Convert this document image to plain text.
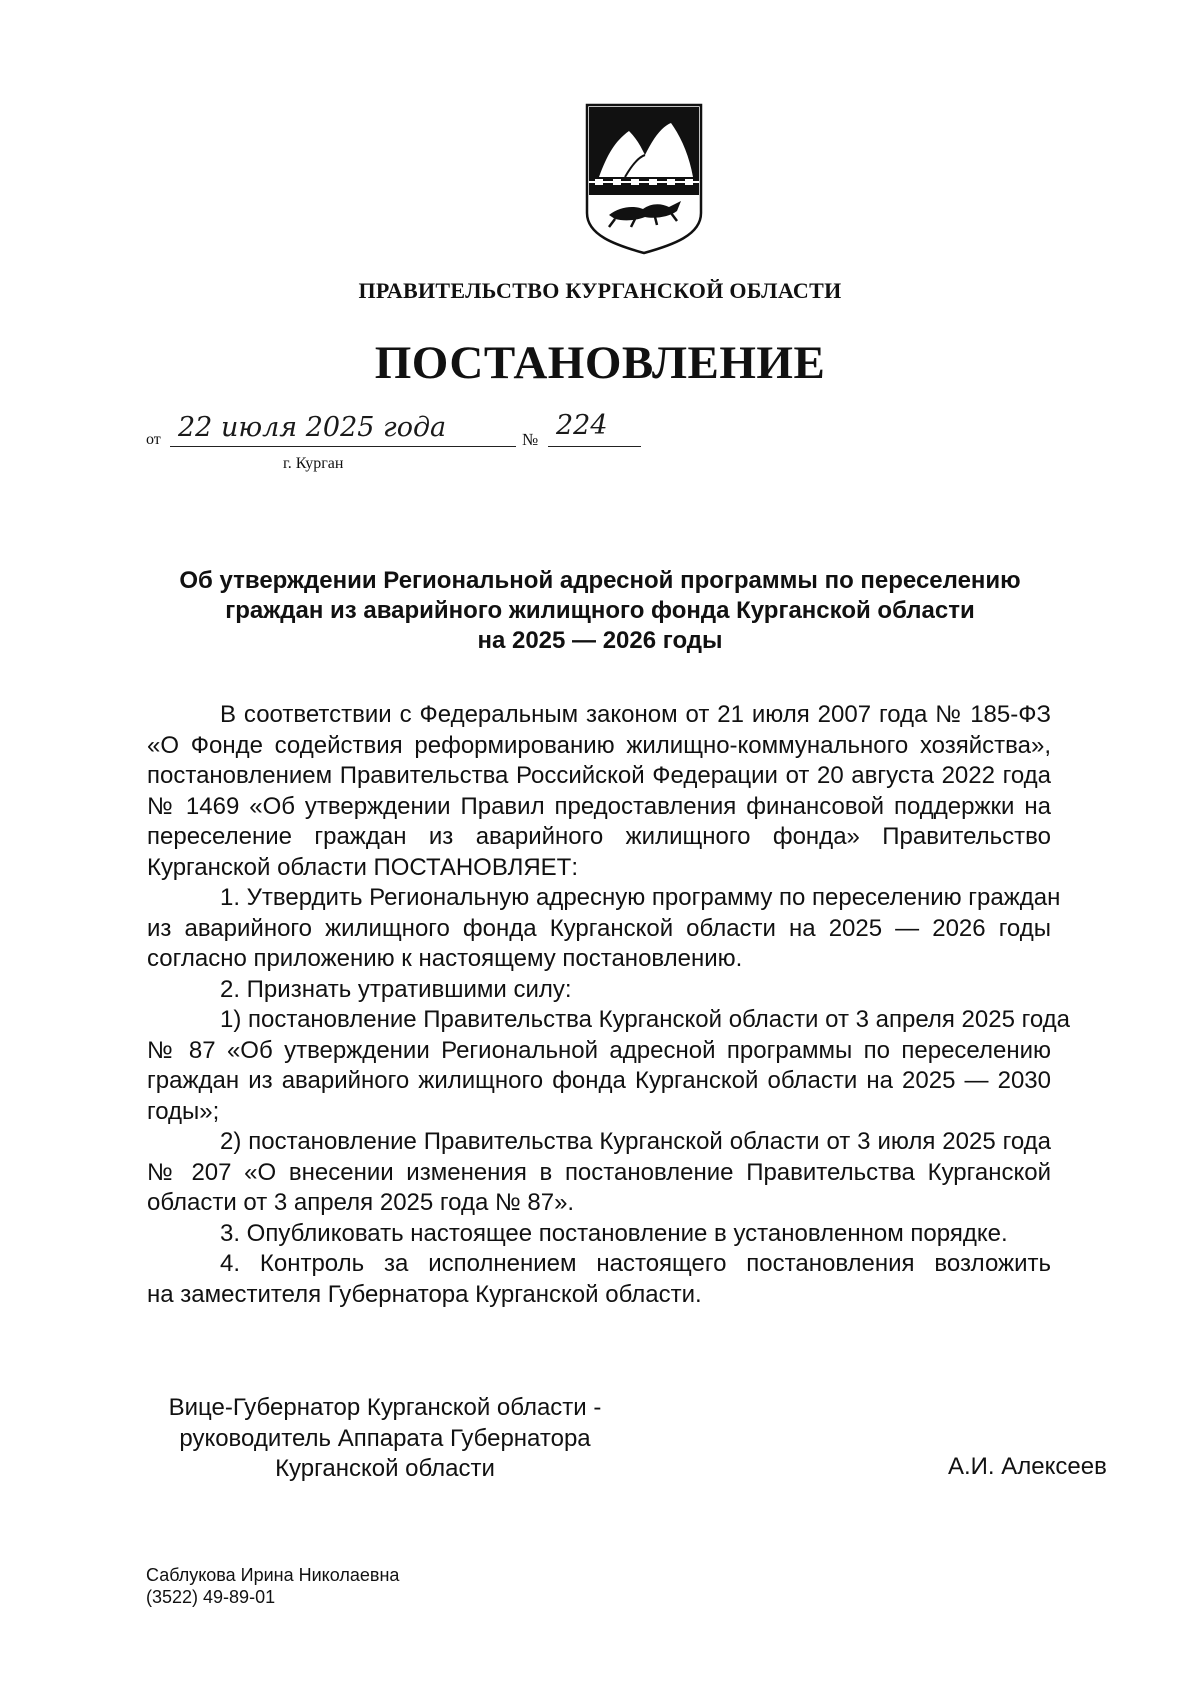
ПРАВИТЕЛЬСТВО КУРГАНСКОЙ ОБЛАСТИ
ПОСТАНОВЛЕНИЕ
от 22 июля 2025 года	№ 224
г. Курган
Об утверждении Региональной адресной программы по переселению
граждан из аварийного жилищного фонда Курганской области
на 2025 — 2026 годы
В соответствии с Федеральным законом от 21 июля 2007 года № 185-ФЗ
«О Фонде содействия реформированию жилищно-коммунального хозяйства»,
постановлением Правительства Российской Федерации от 20 августа 2022 года
№ 1469 «Об утверждении Правил предоставления финансовой поддержки на
переселение граждан из аварийного жилищного фонда» Правительство
Курганской области ПОСТАНОВЛЯЕТ:
1. Утвердить Региональную адресную программу по переселению граждан
из аварийного жилищного фонда Курганской области на 2025 — 2026 годы
согласно приложению к настоящему постановлению.
2. Признать утратившими силу:
1) постановление Правительства Курганской области от 3 апреля 2025 года
№ 87 «Об утверждении Региональной адресной программы по переселению
граждан из аварийного жилищного фонда Курганской области на 2025 — 2030
годы»;
2) постановление Правительства Курганской области от 3 июля 2025 года
№ 207 «О внесении изменения в постановление Правительства Курганской
области от 3 апреля 2025 года № 87».
3. Опубликовать настоящее постановление в установленном порядке.
4. Контроль за исполнением настоящего постановления возложить
на заместителя Губернатора Курганской области.
Вице-Губернатор Курганской области -
руководитель Аппарата Губернатора
Курганской области	А.И. Алексеев
Саблукова Ирина Николаевна
(3522) 49-89-01
